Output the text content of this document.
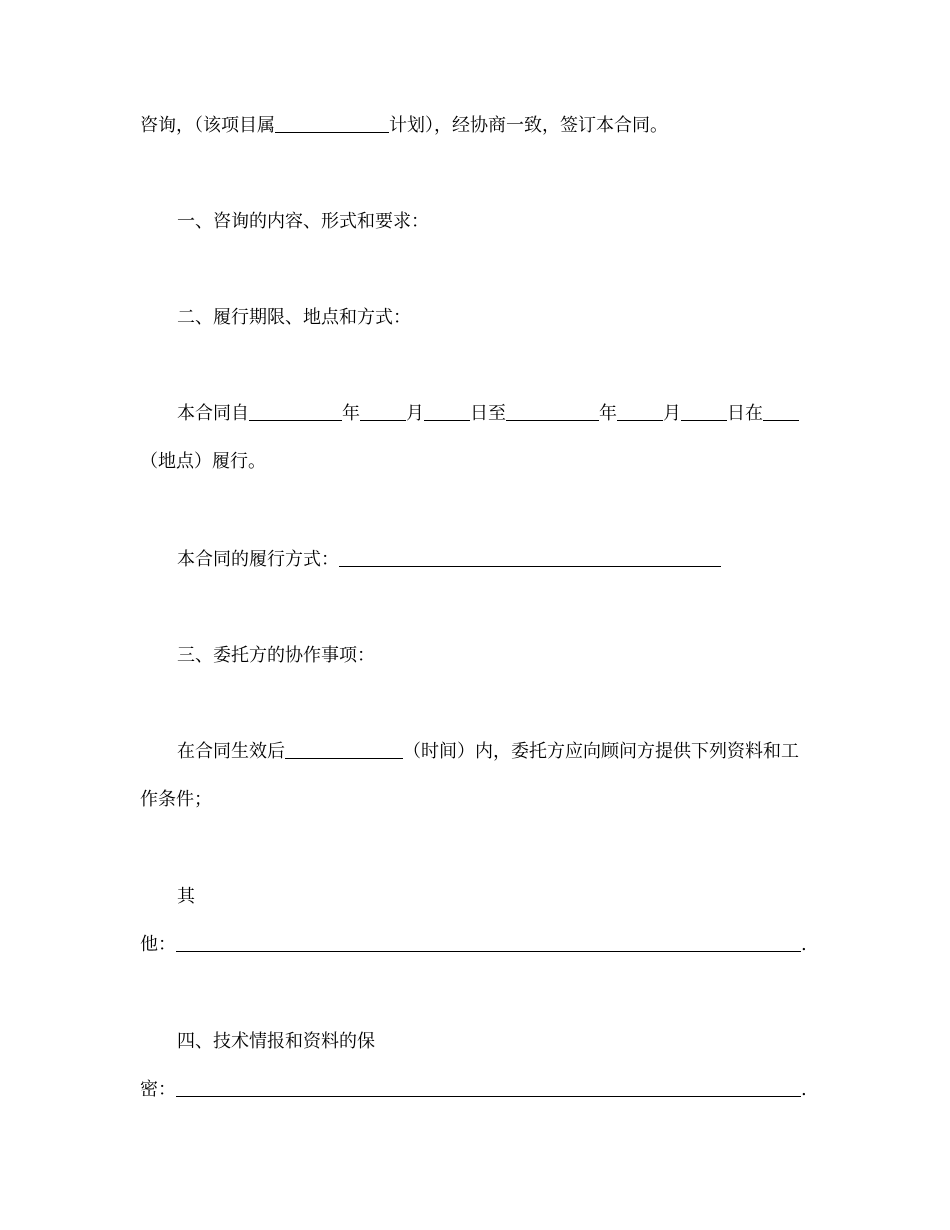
咨询，（该项目属	计划），经协商一致，签订本合同。
一、咨询的内容、形式和要求：
二、履行期限、地点和方式：
本合同自	年	月	日至	年	月	日在
（地点）履行。
本合同的履行方式：
三、委托方的协作事项：
在合同生效后	（时间）内，委托方应向顾问方提供下列资料和工
作条件；
其
他：	.
四、技术情报和资料的保
密：	.
